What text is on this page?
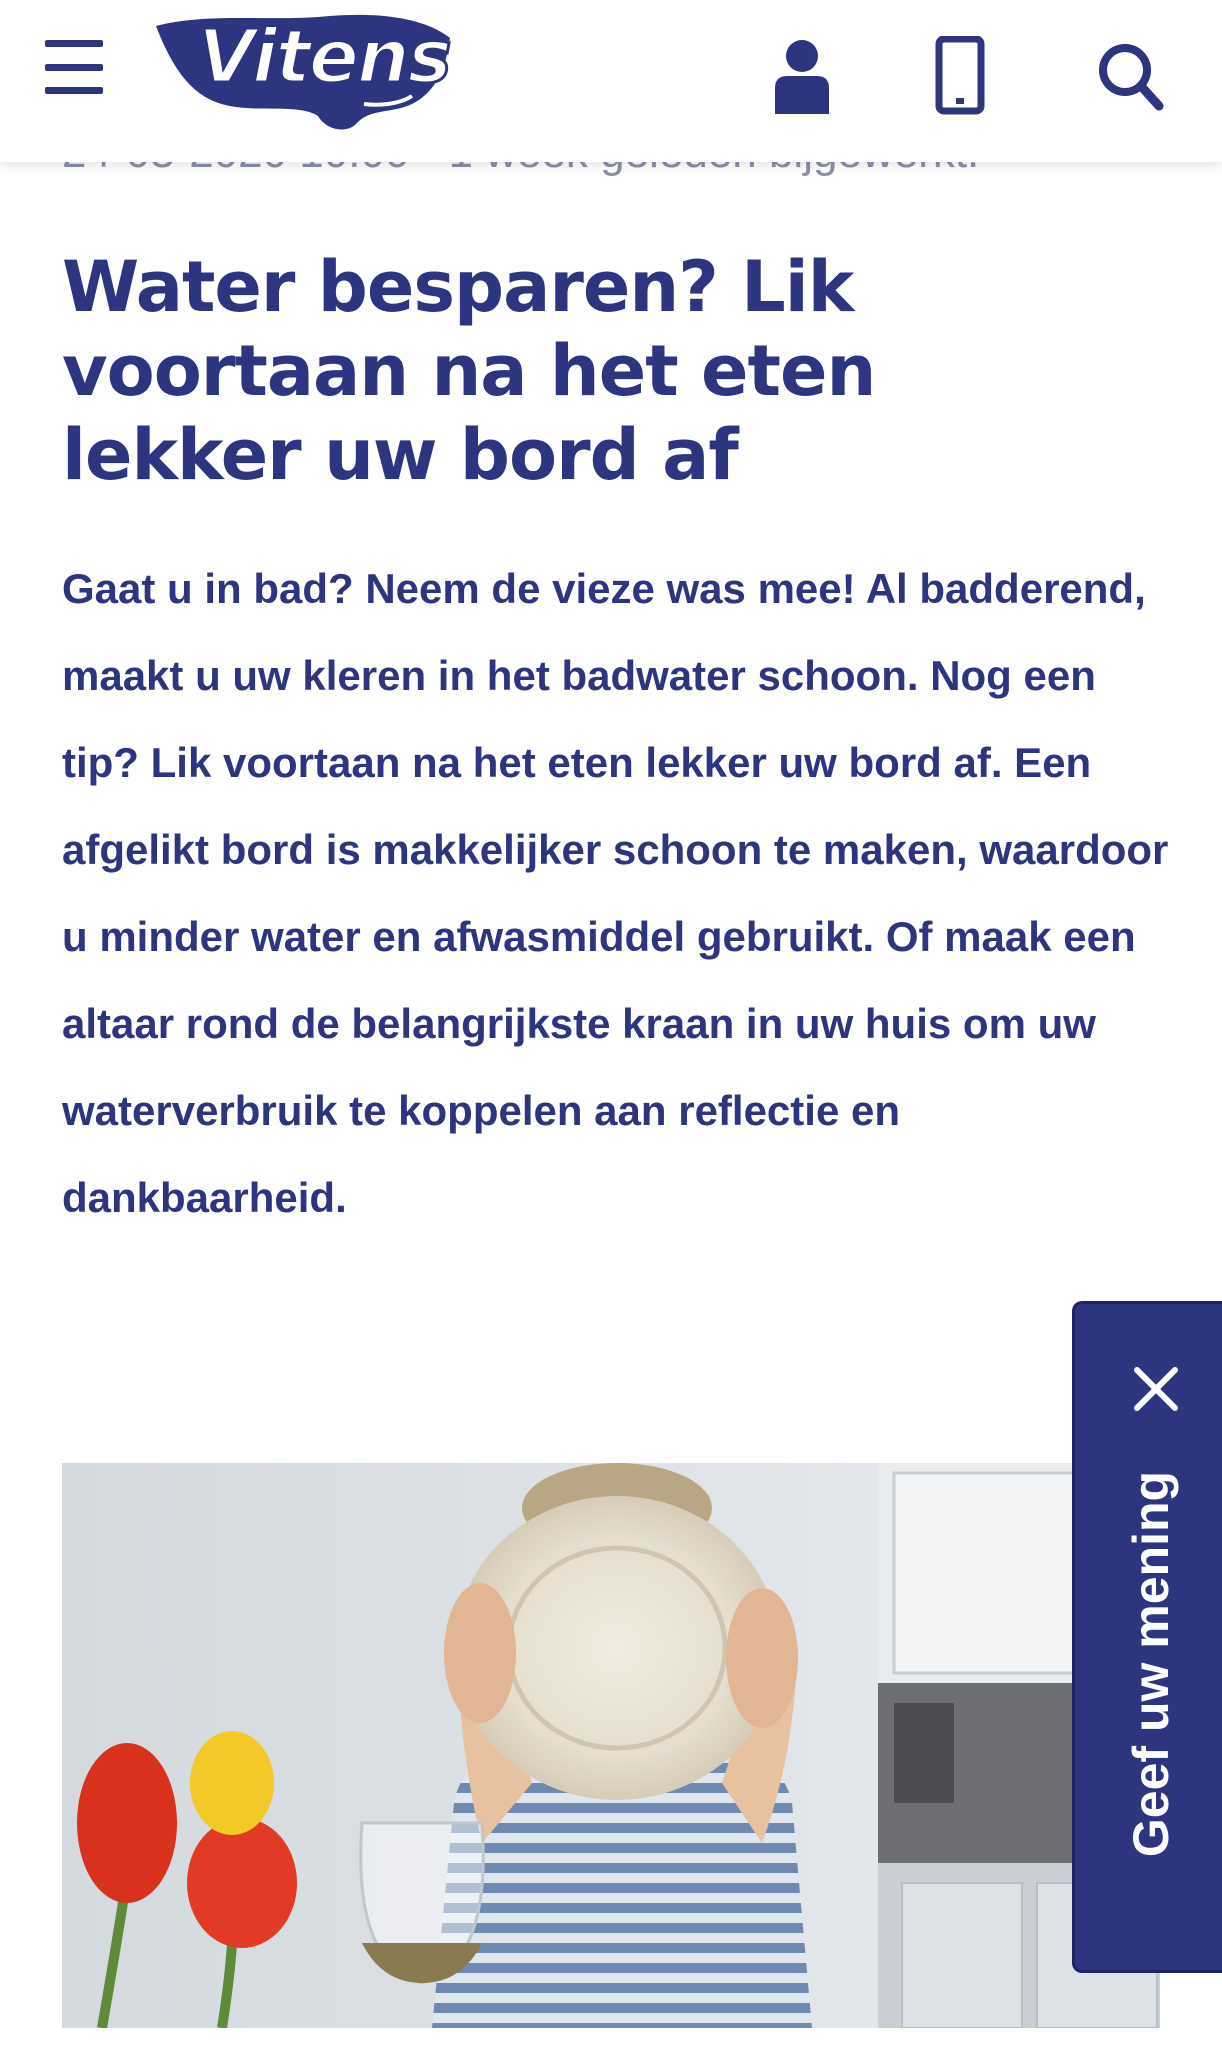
Vitens
Water besparen? Lik voortaan na het eten lekker uw bord af

Gaat u in bad? Neem de vieze was mee! Al badderend, maakt u uw kleren in het badwater schoon. Nog een tip? Lik voortaan na het eten lekker uw bord af. Een afgelikt bord is makkelijker schoon te maken, waardoor u minder water en afwasmiddel gebruikt. Of maak een altaar rond de belangrijkste kraan in uw huis om uw waterverbruik te koppelen aan reflectie en dankbaarheid.

Geef uw mening
